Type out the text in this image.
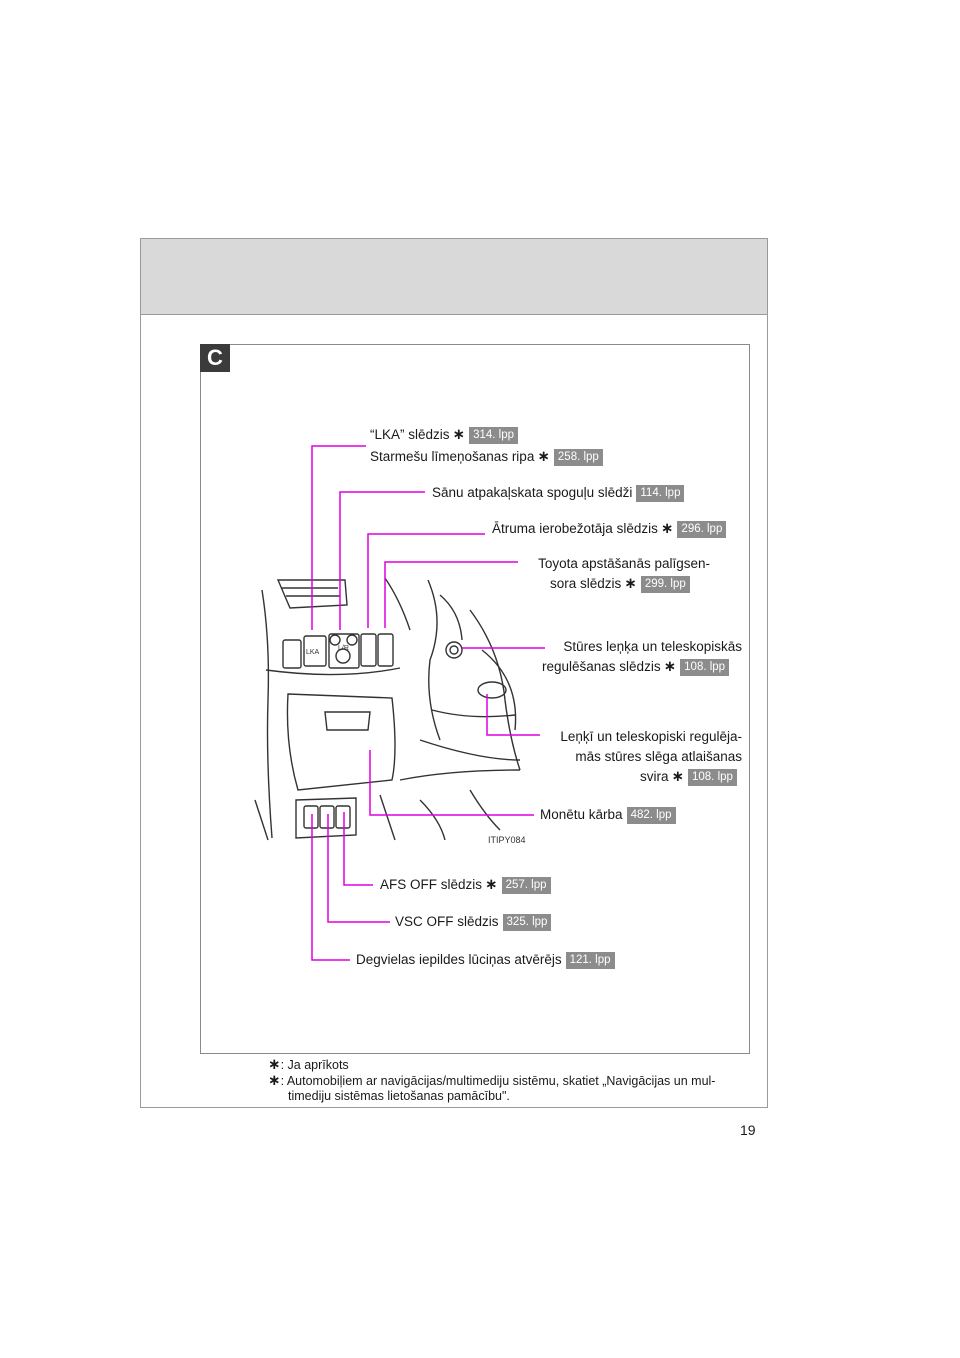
C
L/R
LKA
ITIPY084
“LKA” slēdzis ∗ 314. lpp
Starmešu līmeņošanas ripa ∗ 258. lpp
Sānu atpakaļskata spoguļu slēdži 114. lpp
Ātruma ierobežotāja slēdzis ∗ 296. lpp
Toyota apstāšanās palīgsen-
sora slēdzis ∗ 299. lpp
Stūres leņķa un teleskopiskās
regulēšanas slēdzis ∗ 108. lpp
Leņķī un teleskopiski regulēja-
mās stūres slēga atlaišanas
svira ∗ 108. lpp
Monētu kārba 482. lpp
AFS OFF slēdzis ∗ 257. lpp
VSC OFF slēdzis 325. lpp
Degvielas iepildes lūciņas atvērējs 121. lpp
∗: Ja aprīkots
∗: Automobiļiem ar navigācijas/multimediju sistēmu, skatiet „Navigācijas un mul-
timediju sistēmas lietošanas pamācību".
19
